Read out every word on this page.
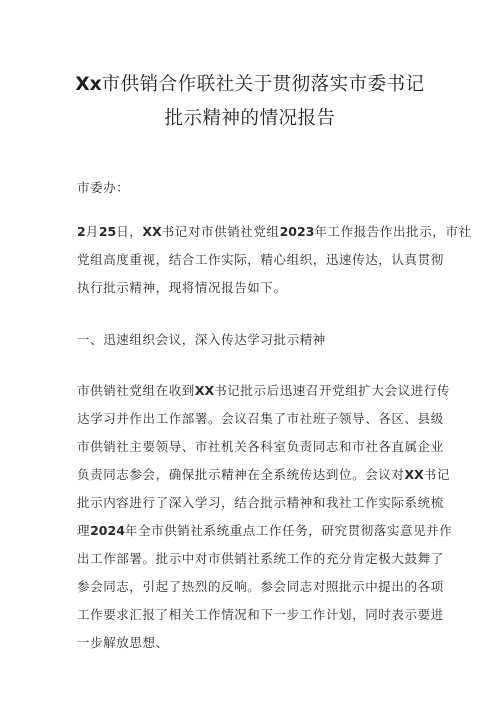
Xx市供销合作联社关于贯彻落实市委书记
批示精神的情况报告
市委办：
2月25日，XX书记对市供销社党组2023年工作报告作出批示，市社
党组高度重视，结合工作实际，精心组织，迅速传达，认真贯彻
执行批示精神，现将情况报告如下。
一、迅速组织会议，深入传达学习批示精神
市供销社党组在收到XX书记批示后迅速召开党组扩大会议进行传
达学习并作出工作部署。会议召集了市社班子领导、各区、县级
市供销社主要领导、市社机关各科室负责同志和市社各直属企业
负责同志参会，确保批示精神在全系统传达到位。会议对XX书记
批示内容进行了深入学习，结合批示精神和我社工作实际系统梳
理2024年全市供销社系统重点工作任务，研究贯彻落实意见并作
出工作部署。批示中对市供销社系统工作的充分肯定极大鼓舞了
参会同志，引起了热烈的反响。参会同志对照批示中提出的各项
工作要求汇报了相关工作情况和下一步工作计划，同时表示要进
一步解放思想、
